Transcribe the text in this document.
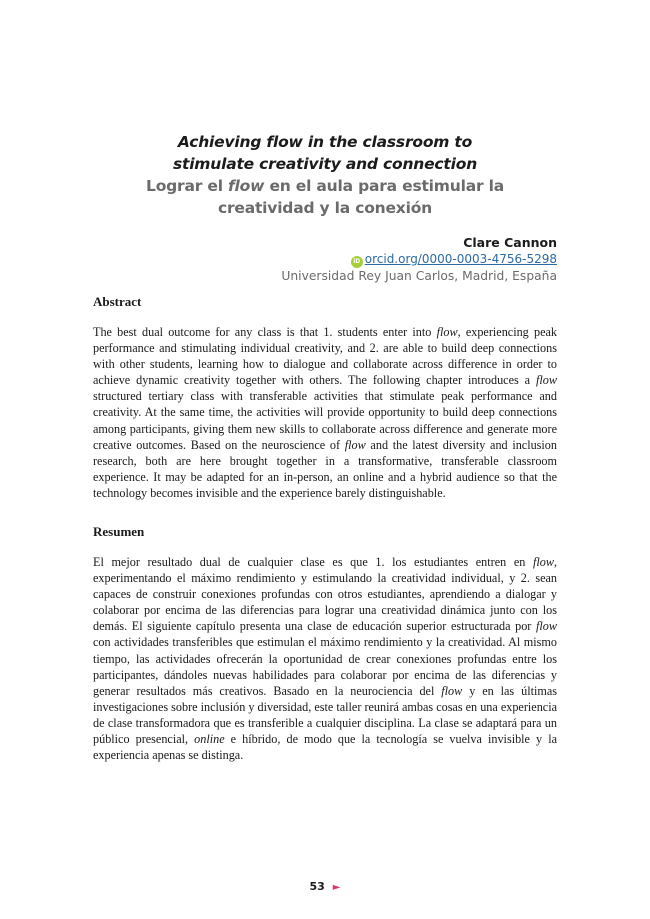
Achieving flow in the classroom to
stimulate creativity and connection
Lograr el flow en el aula para estimular la
creatividad y la conexión
Clare Cannon
iD orcid.org/0000-0003-4756-5298
Universidad Rey Juan Carlos, Madrid, España
Abstract
The best dual outcome for any class is that 1. students enter into flow, experiencing peak performance and stimulating individual creativity, and 2. are able to build deep connections with other students, learning how to dialogue and collaborate across difference in order to achieve dynamic creativity together with others. The following chapter introduces a flow structured tertiary class with transferable activities that stimulate peak performance and creativity. At the same time, the activities will provide opportunity to build deep connections among participants, giving them new skills to collaborate across difference and generate more creative outcomes. Based on the neuroscience of flow and the latest diversity and inclusion research, both are here brought together in a transformative, transferable classroom experience. It may be adapted for an in-person, an online and a hybrid audience so that the technology becomes invisible and the experience barely distinguishable.
Resumen
El mejor resultado dual de cualquier clase es que 1. los estudiantes entren en flow, experimentando el máximo rendimiento y estimulando la creatividad individual, y 2. sean capaces de construir conexiones profundas con otros estudiantes, aprendiendo a dialogar y colaborar por encima de las diferencias para lograr una creatividad dinámica junto con los demás. El siguiente capítulo presenta una clase de educación superior estructurada por flow con actividades transferibles que estimulan el máximo rendimiento y la creatividad. Al mismo tiempo, las actividades ofrecerán la oportunidad de crear conexiones profundas entre los participantes, dándoles nuevas habilidades para colaborar por encima de las diferencias y generar resultados más creativos. Basado en la neurociencia del flow y en las últimas investigaciones sobre inclusión y diversidad, este taller reunirá ambas cosas en una experiencia de clase transformadora que es transferible a cualquier disciplina. La clase se adaptará para un público presencial, online e híbrido, de modo que la tecnología se vuelva invisible y la experiencia apenas se distinga.
53 ►
